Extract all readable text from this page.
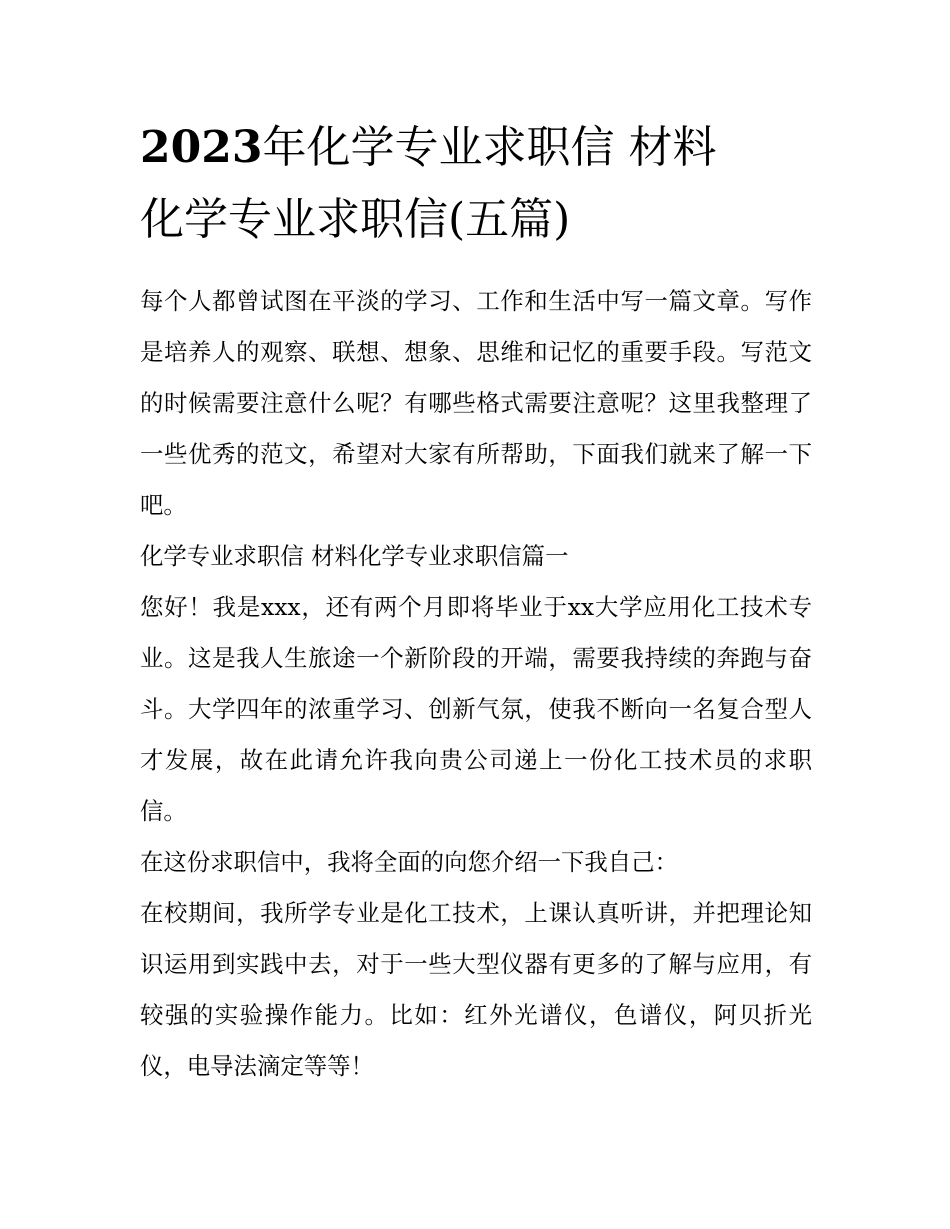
2023年化学专业求职信 材料
化学专业求职信(五篇)

每个人都曾试图在平淡的学习、工作和生活中写一篇文章。写作是培养人的观察、联想、想象、思维和记忆的重要手段。写范文的时候需要注意什么呢？有哪些格式需要注意呢？这里我整理了一些优秀的范文，希望对大家有所帮助，下面我们就来了解一下吧。

化学专业求职信 材料化学专业求职信篇一

您好！我是xxx，还有两个月即将毕业于xx大学应用化工技术专业。这是我人生旅途一个新阶段的开端，需要我持续的奔跑与奋斗。大学四年的浓重学习、创新气氛，使我不断向一名复合型人才发展，故在此请允许我向贵公司递上一份化工技术员的求职信。

在这份求职信中，我将全面的向您介绍一下我自己：

在校期间，我所学专业是化工技术，上课认真听讲，并把理论知识运用到实践中去，对于一些大型仪器有更多的了解与应用，有较强的实验操作能力。比如：红外光谱仪，色谱仪，阿贝折光仪，电导法滴定等等！
